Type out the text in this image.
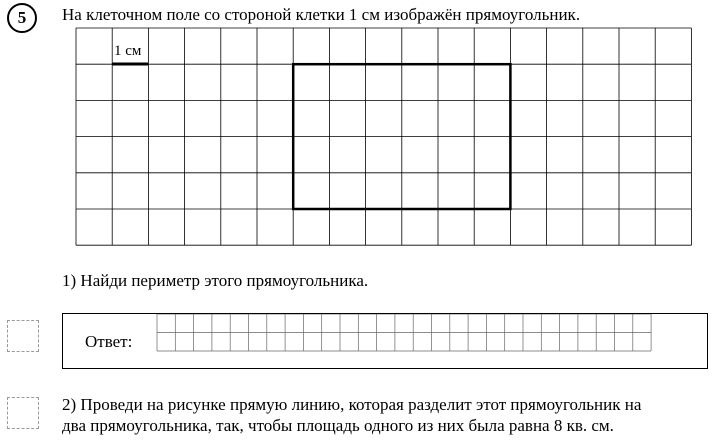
5	На клеточном поле со стороной клетки 1 см изображён прямоугольник.
1 см
1) Найди периметр этого прямоугольника.
Ответ:
2) Проведи на рисунке прямую линию, которая разделит этот прямоугольник на
два прямоугольника, так, чтобы площадь одного из них была равна 8 кв. см.
